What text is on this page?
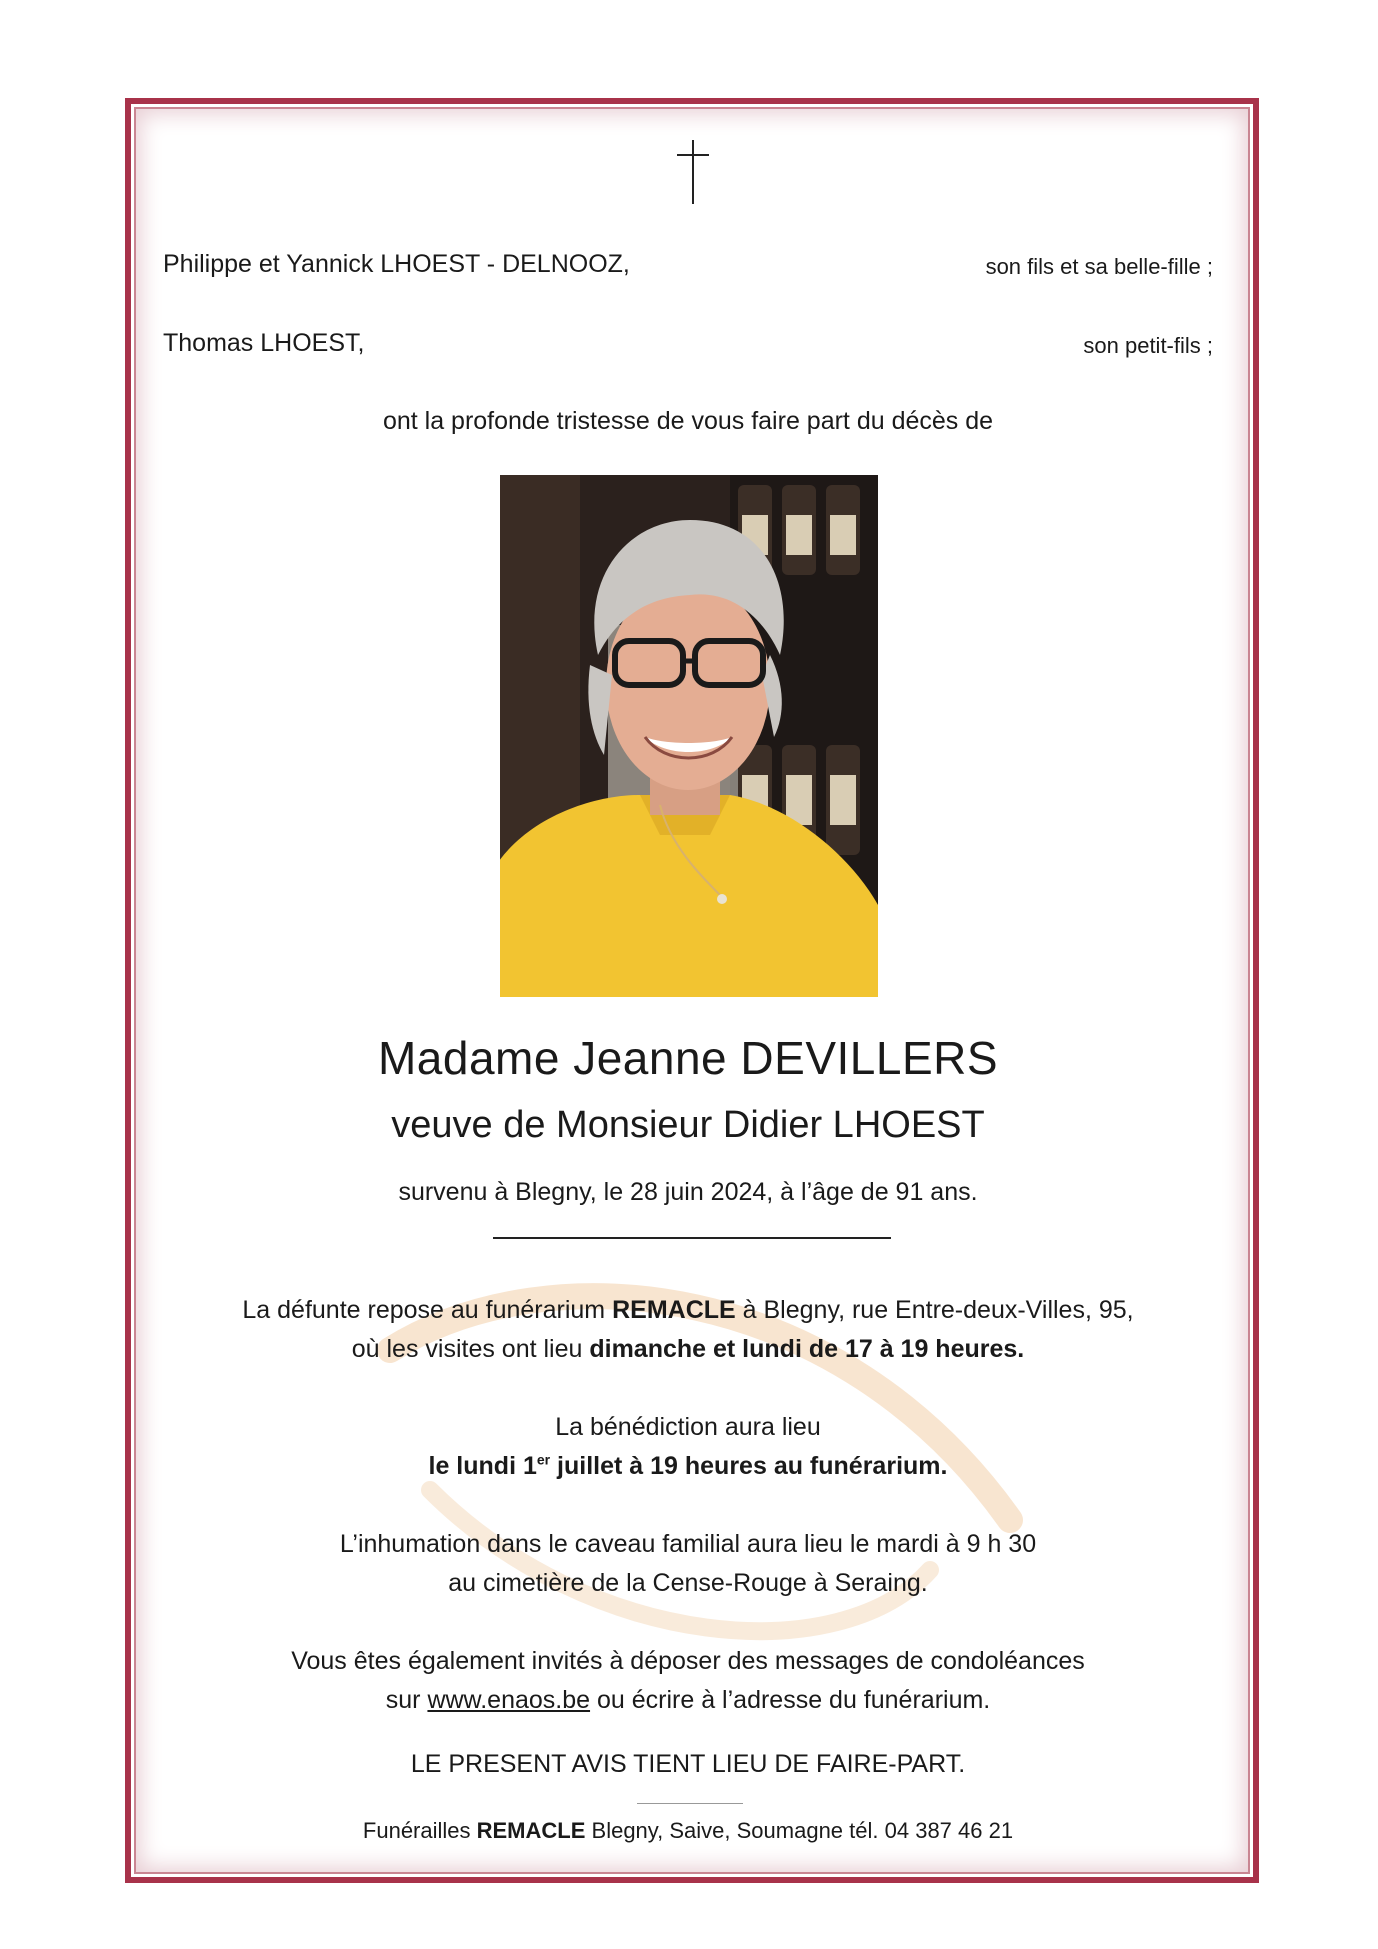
Philippe et Yannick LHOEST - DELNOOZ,	son fils et sa belle-fille ;
Thomas LHOEST,	son petit-fils ;
ont la profonde tristesse de vous faire part du décès de
Madame Jeanne DEVILLERS
veuve de Monsieur Didier LHOEST
survenu à Blegny, le 28 juin 2024, à l’âge de 91 ans.
La défunte repose au funérarium REMACLE à Blegny, rue Entre-deux-Villes, 95,
où les visites ont lieu dimanche et lundi de 17 à 19 heures.
La bénédiction aura lieu
le lundi 1er juillet à 19 heures au funérarium.
L’inhumation dans le caveau familial aura lieu le mardi à 9 h 30
au cimetière de la Cense-Rouge à Seraing.
Vous êtes également invités à déposer des messages de condoléances
sur www.enaos.be ou écrire à l’adresse du funérarium.
LE PRESENT AVIS TIENT LIEU DE FAIRE-PART.
Funérailles REMACLE Blegny, Saive, Soumagne tél. 04 387 46 21
